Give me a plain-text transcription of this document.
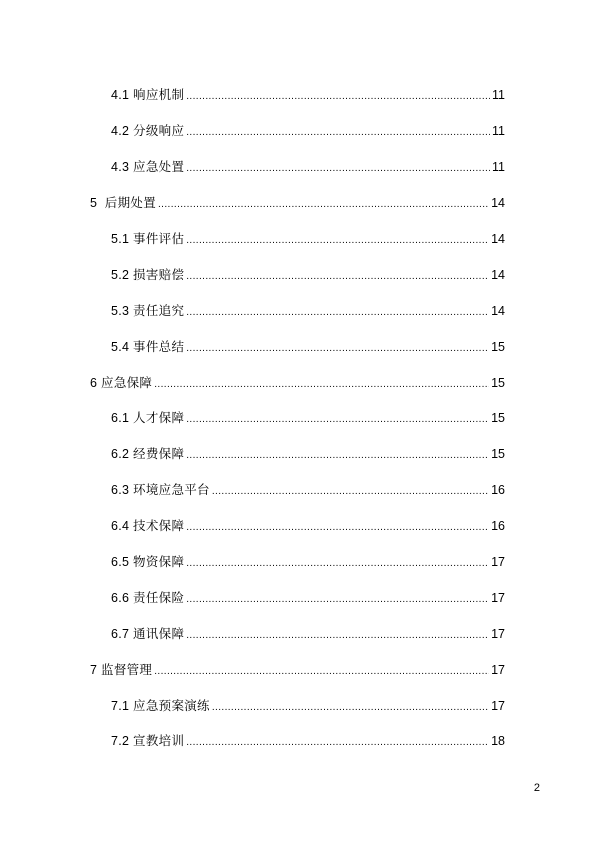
4.1 响应机制 .....	11
4.2 分级响应 .....	11
4.3 应急处置 .....	11
5  后期处置 .....	14
5.1 事件评估 .....	14
5.2 损害赔偿 .....	14
5.3 责任追究 .....	14
5.4 事件总结 .....	15
6 应急保障 .....	15
6.1 人才保障 .....	15
6.2 经费保障 .....	15
6.3 环境应急平台 .....	16
6.4 技术保障 .....	16
6.5 物资保障 .....	17
6.6 责任保险 .....	17
6.7 通讯保障 .....	17
7 监督管理 .....	17
7.1 应急预案演练 .....	17
7.2 宣教培训 .....	18
2
